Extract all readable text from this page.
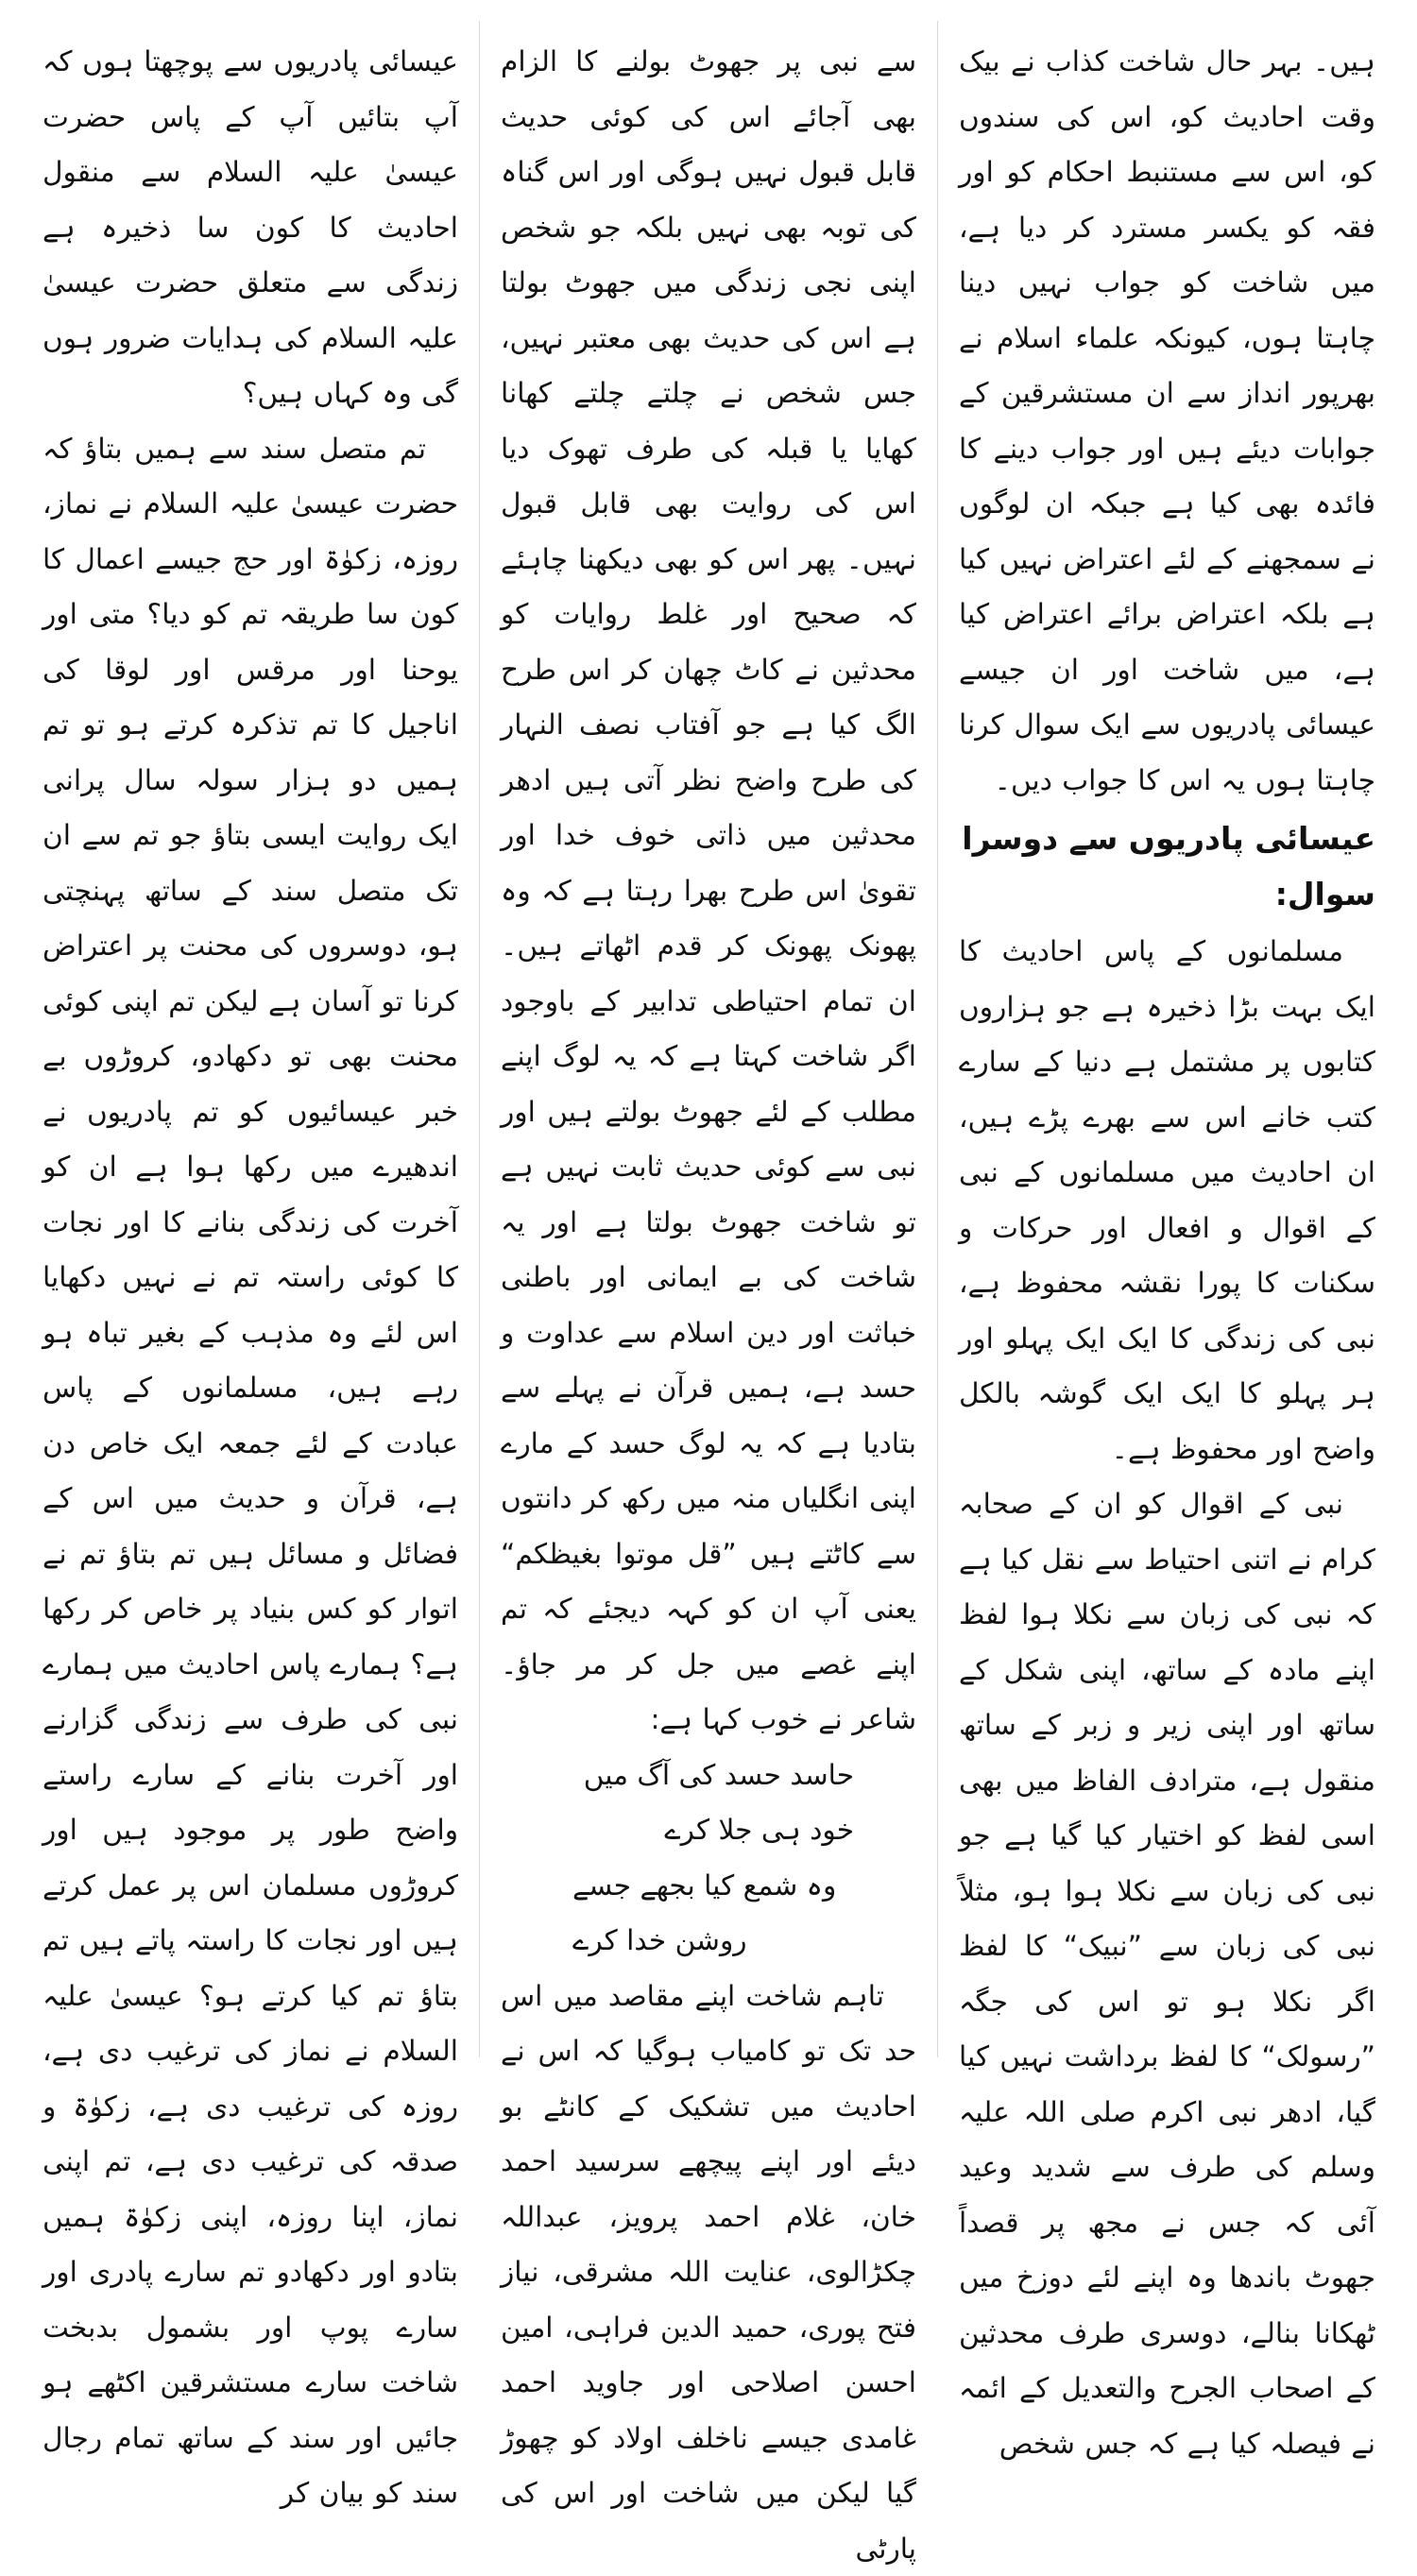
ہیں۔ بہر حال شاخت کذاب نے بیک وقت احادیث کو، اس کی سندوں کو، اس سے مستنبط احکام کو اور فقہ کو یکسر مسترد کر دیا ہے، میں شاخت کو جواب نہیں دینا چاہتا ہوں، کیونکہ علماء اسلام نے بھرپور انداز سے ان مستشرقین کے جوابات دیئے ہیں اور جواب دینے کا فائدہ بھی کیا ہے جبکہ ان لوگوں نے سمجھنے کے لئے اعتراض نہیں کیا ہے بلکہ اعتراض برائے اعتراض کیا ہے، میں شاخت اور ان جیسے عیسائی پادریوں سے ایک سوال کرنا چاہتا ہوں یہ اس کا جواب دیں۔

عیسائی پادریوں سے دوسرا سوال:

مسلمانوں کے پاس احادیث کا ایک بہت بڑا ذخیرہ ہے جو ہزاروں کتابوں پر مشتمل ہے دنیا کے سارے کتب خانے اس سے بھرے پڑے ہیں، ان احادیث میں مسلمانوں کے نبی کے اقوال و افعال اور حرکات و سکنات کا پورا نقشہ محفوظ ہے، نبی کی زندگی کا ایک ایک پہلو اور ہر پہلو کا ایک ایک گوشہ بالکل واضح اور محفوظ ہے۔

نبی کے اقوال کو ان کے صحابہ کرام نے اتنی احتیاط سے نقل کیا ہے کہ نبی کی زبان سے نکلا ہوا لفظ اپنے مادہ کے ساتھ، اپنی شکل کے ساتھ اور اپنی زیر و زبر کے ساتھ منقول ہے، مترادف الفاظ میں بھی اسی لفظ کو اختیار کیا گیا ہے جو نبی کی زبان سے نکلا ہوا ہو، مثلاً نبی کی زبان سے ”نبیک“ کا لفظ اگر نکلا ہو تو اس کی جگہ ”رسولک“ کا لفظ برداشت نہیں کیا گیا، ادھر نبی اکرم صلی اللہ علیہ وسلم کی طرف سے شدید وعید آئی کہ جس نے مجھ پر قصداً جھوٹ باندھا وہ اپنے لئے دوزخ میں ٹھکانا بنالے، دوسری طرف محدثین کے اصحاب الجرح والتعدیل کے ائمہ نے فیصلہ کیا ہے کہ جس شخص

سے نبی پر جھوٹ بولنے کا الزام بھی آجائے اس کی کوئی حدیث قابل قبول نہیں ہوگی اور اس گناہ کی توبہ بھی نہیں بلکہ جو شخص اپنی نجی زندگی میں جھوٹ بولتا ہے اس کی حدیث بھی معتبر نہیں، جس شخص نے چلتے چلتے کھانا کھایا یا قبلہ کی طرف تھوک دیا اس کی روایت بھی قابل قبول نہیں۔ پھر اس کو بھی دیکھنا چاہئے کہ صحیح اور غلط روایات کو محدثین نے کاٹ چھان کر اس طرح الگ کیا ہے جو آفتاب نصف النہار کی طرح واضح نظر آتی ہیں ادھر محدثین میں ذاتی خوف خدا اور تقویٰ اس طرح بھرا رہتا ہے کہ وہ پھونک پھونک کر قدم اٹھاتے ہیں۔ ان تمام احتیاطی تدابیر کے باوجود اگر شاخت کہتا ہے کہ یہ لوگ اپنے مطلب کے لئے جھوٹ بولتے ہیں اور نبی سے کوئی حدیث ثابت نہیں ہے تو شاخت جھوٹ بولتا ہے اور یہ شاخت کی بے ایمانی اور باطنی خباثت اور دین اسلام سے عداوت و حسد ہے، ہمیں قرآن نے پہلے سے بتادیا ہے کہ یہ لوگ حسد کے مارے اپنی انگلیاں منہ میں رکھ کر دانتوں سے کاٹتے ہیں ”قل موتوا بغیظکم“ یعنی آپ ان کو کہہ دیجئے کہ تم اپنے غصے میں جل کر مر جاؤ۔ شاعر نے خوب کہا ہے:

حاسد حسد کی آگ میں خود ہی جلا کرے
وہ شمع کیا بجھے جسے روشن خدا کرے

تاہم شاخت اپنے مقاصد میں اس حد تک تو کامیاب ہوگیا کہ اس نے احادیث میں تشکیک کے کانٹے بو دیئے اور اپنے پیچھے سرسید احمد خان، غلام احمد پرویز، عبداللہ چکڑالوی، عنایت اللہ مشرقی، نیاز فتح پوری، حمید الدین فراہی، امین احسن اصلاحی اور جاوید احمد غامدی جیسے ناخلف اولاد کو چھوڑ گیا لیکن میں شاخت اور اس کی پارٹی

عیسائی پادریوں سے پوچھتا ہوں کہ آپ بتائیں آپ کے پاس حضرت عیسیٰ علیہ السلام سے منقول احادیث کا کون سا ذخیرہ ہے زندگی سے متعلق حضرت عیسیٰ علیہ السلام کی ہدایات ضرور ہوں گی وہ کہاں ہیں؟

تم متصل سند سے ہمیں بتاؤ کہ حضرت عیسیٰ علیہ السلام نے نماز، روزہ، زکوٰۃ اور حج جیسے اعمال کا کون سا طریقہ تم کو دیا؟ متی اور یوحنا اور مرقس اور لوقا کی اناجیل کا تم تذکرہ کرتے ہو تو تم ہمیں دو ہزار سولہ سال پرانی ایک روایت ایسی بتاؤ جو تم سے ان تک متصل سند کے ساتھ پہنچتی ہو، دوسروں کی محنت پر اعتراض کرنا تو آسان ہے لیکن تم اپنی کوئی محنت بھی تو دکھادو، کروڑوں بے خبر عیسائیوں کو تم پادریوں نے اندھیرے میں رکھا ہوا ہے ان کو آخرت کی زندگی بنانے کا اور نجات کا کوئی راستہ تم نے نہیں دکھایا اس لئے وہ مذہب کے بغیر تباہ ہو رہے ہیں، مسلمانوں کے پاس عبادت کے لئے جمعہ ایک خاص دن ہے، قرآن و حدیث میں اس کے فضائل و مسائل ہیں تم بتاؤ تم نے اتوار کو کس بنیاد پر خاص کر رکھا ہے؟ ہمارے پاس احادیث میں ہمارے نبی کی طرف سے زندگی گزارنے اور آخرت بنانے کے سارے راستے واضح طور پر موجود ہیں اور کروڑوں مسلمان اس پر عمل کرتے ہیں اور نجات کا راستہ پاتے ہیں تم بتاؤ تم کیا کرتے ہو؟ عیسیٰ علیہ السلام نے نماز کی ترغیب دی ہے، روزہ کی ترغیب دی ہے، زکوٰۃ و صدقہ کی ترغیب دی ہے، تم اپنی نماز، اپنا روزہ، اپنی زکوٰۃ ہمیں بتادو اور دکھادو تم سارے پادری اور سارے پوپ اور بشمول بدبخت شاخت سارے مستشرقین اکٹھے ہو جائیں اور سند کے ساتھ تمام رجال سند کو بیان کر
